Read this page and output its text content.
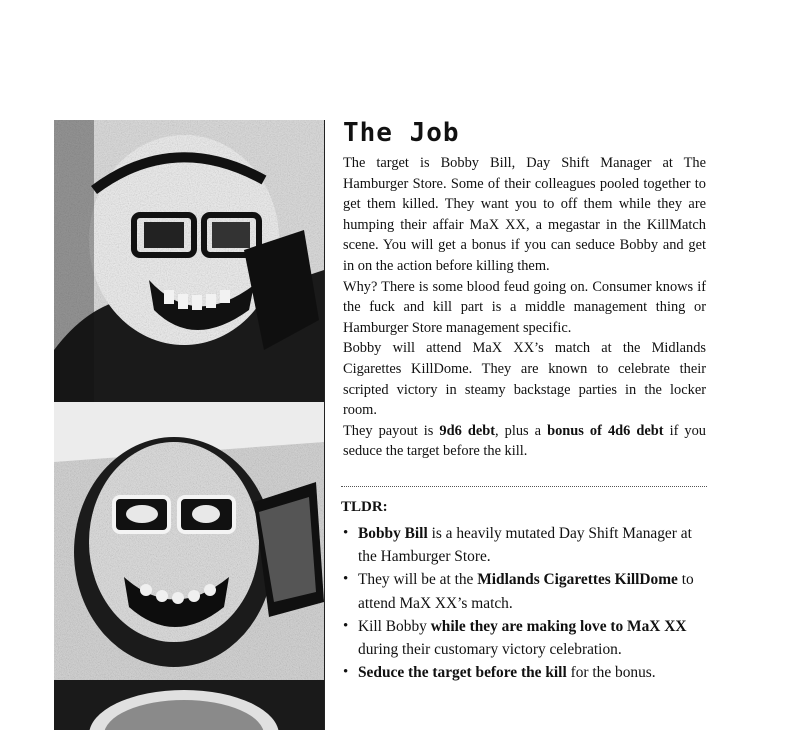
The Job

The target is Bobby Bill, Day Shift Manager at The Hamburger Store. Some of their colleagues pooled together to get them killed. They want you to off them while they are humping their affair MaX XX, a megastar in the KillMatch scene. You will get a bonus if you can seduce Bobby and get in on the action before killing them.

Why? There is some blood feud going on. Consumer knows if the fuck and kill part is a middle management thing or Hamburger Store management specific.

Bobby will attend MaX XX’s match at the Midlands Cigarettes KillDome. They are known to celebrate their scripted victory in steamy backstage parties in the locker room.

They payout is 9d6 debt, plus a bonus of 4d6 debt if you seduce the target before the kill.

TLDR:

• Bobby Bill is a heavily mutated Day Shift Manager at the Hamburger Store.
• They will be at the Midlands Cigarettes KillDome to attend MaX XX’s match.
• Kill Bobby while they are making love to MaX XX during their customary victory celebration.
• Seduce the target before the kill for the bonus.
